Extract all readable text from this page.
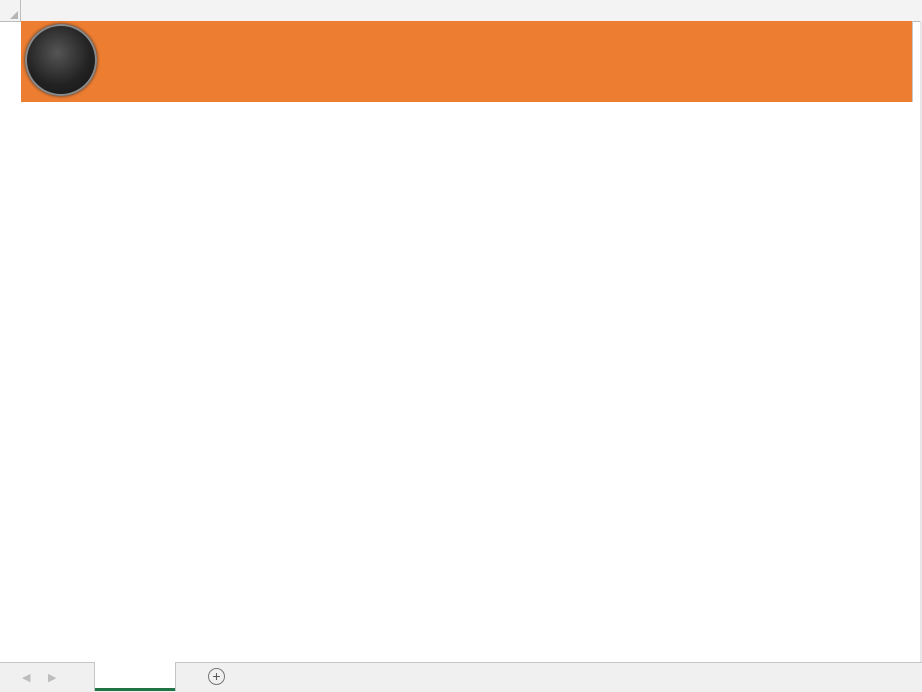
◀ ▶	+
